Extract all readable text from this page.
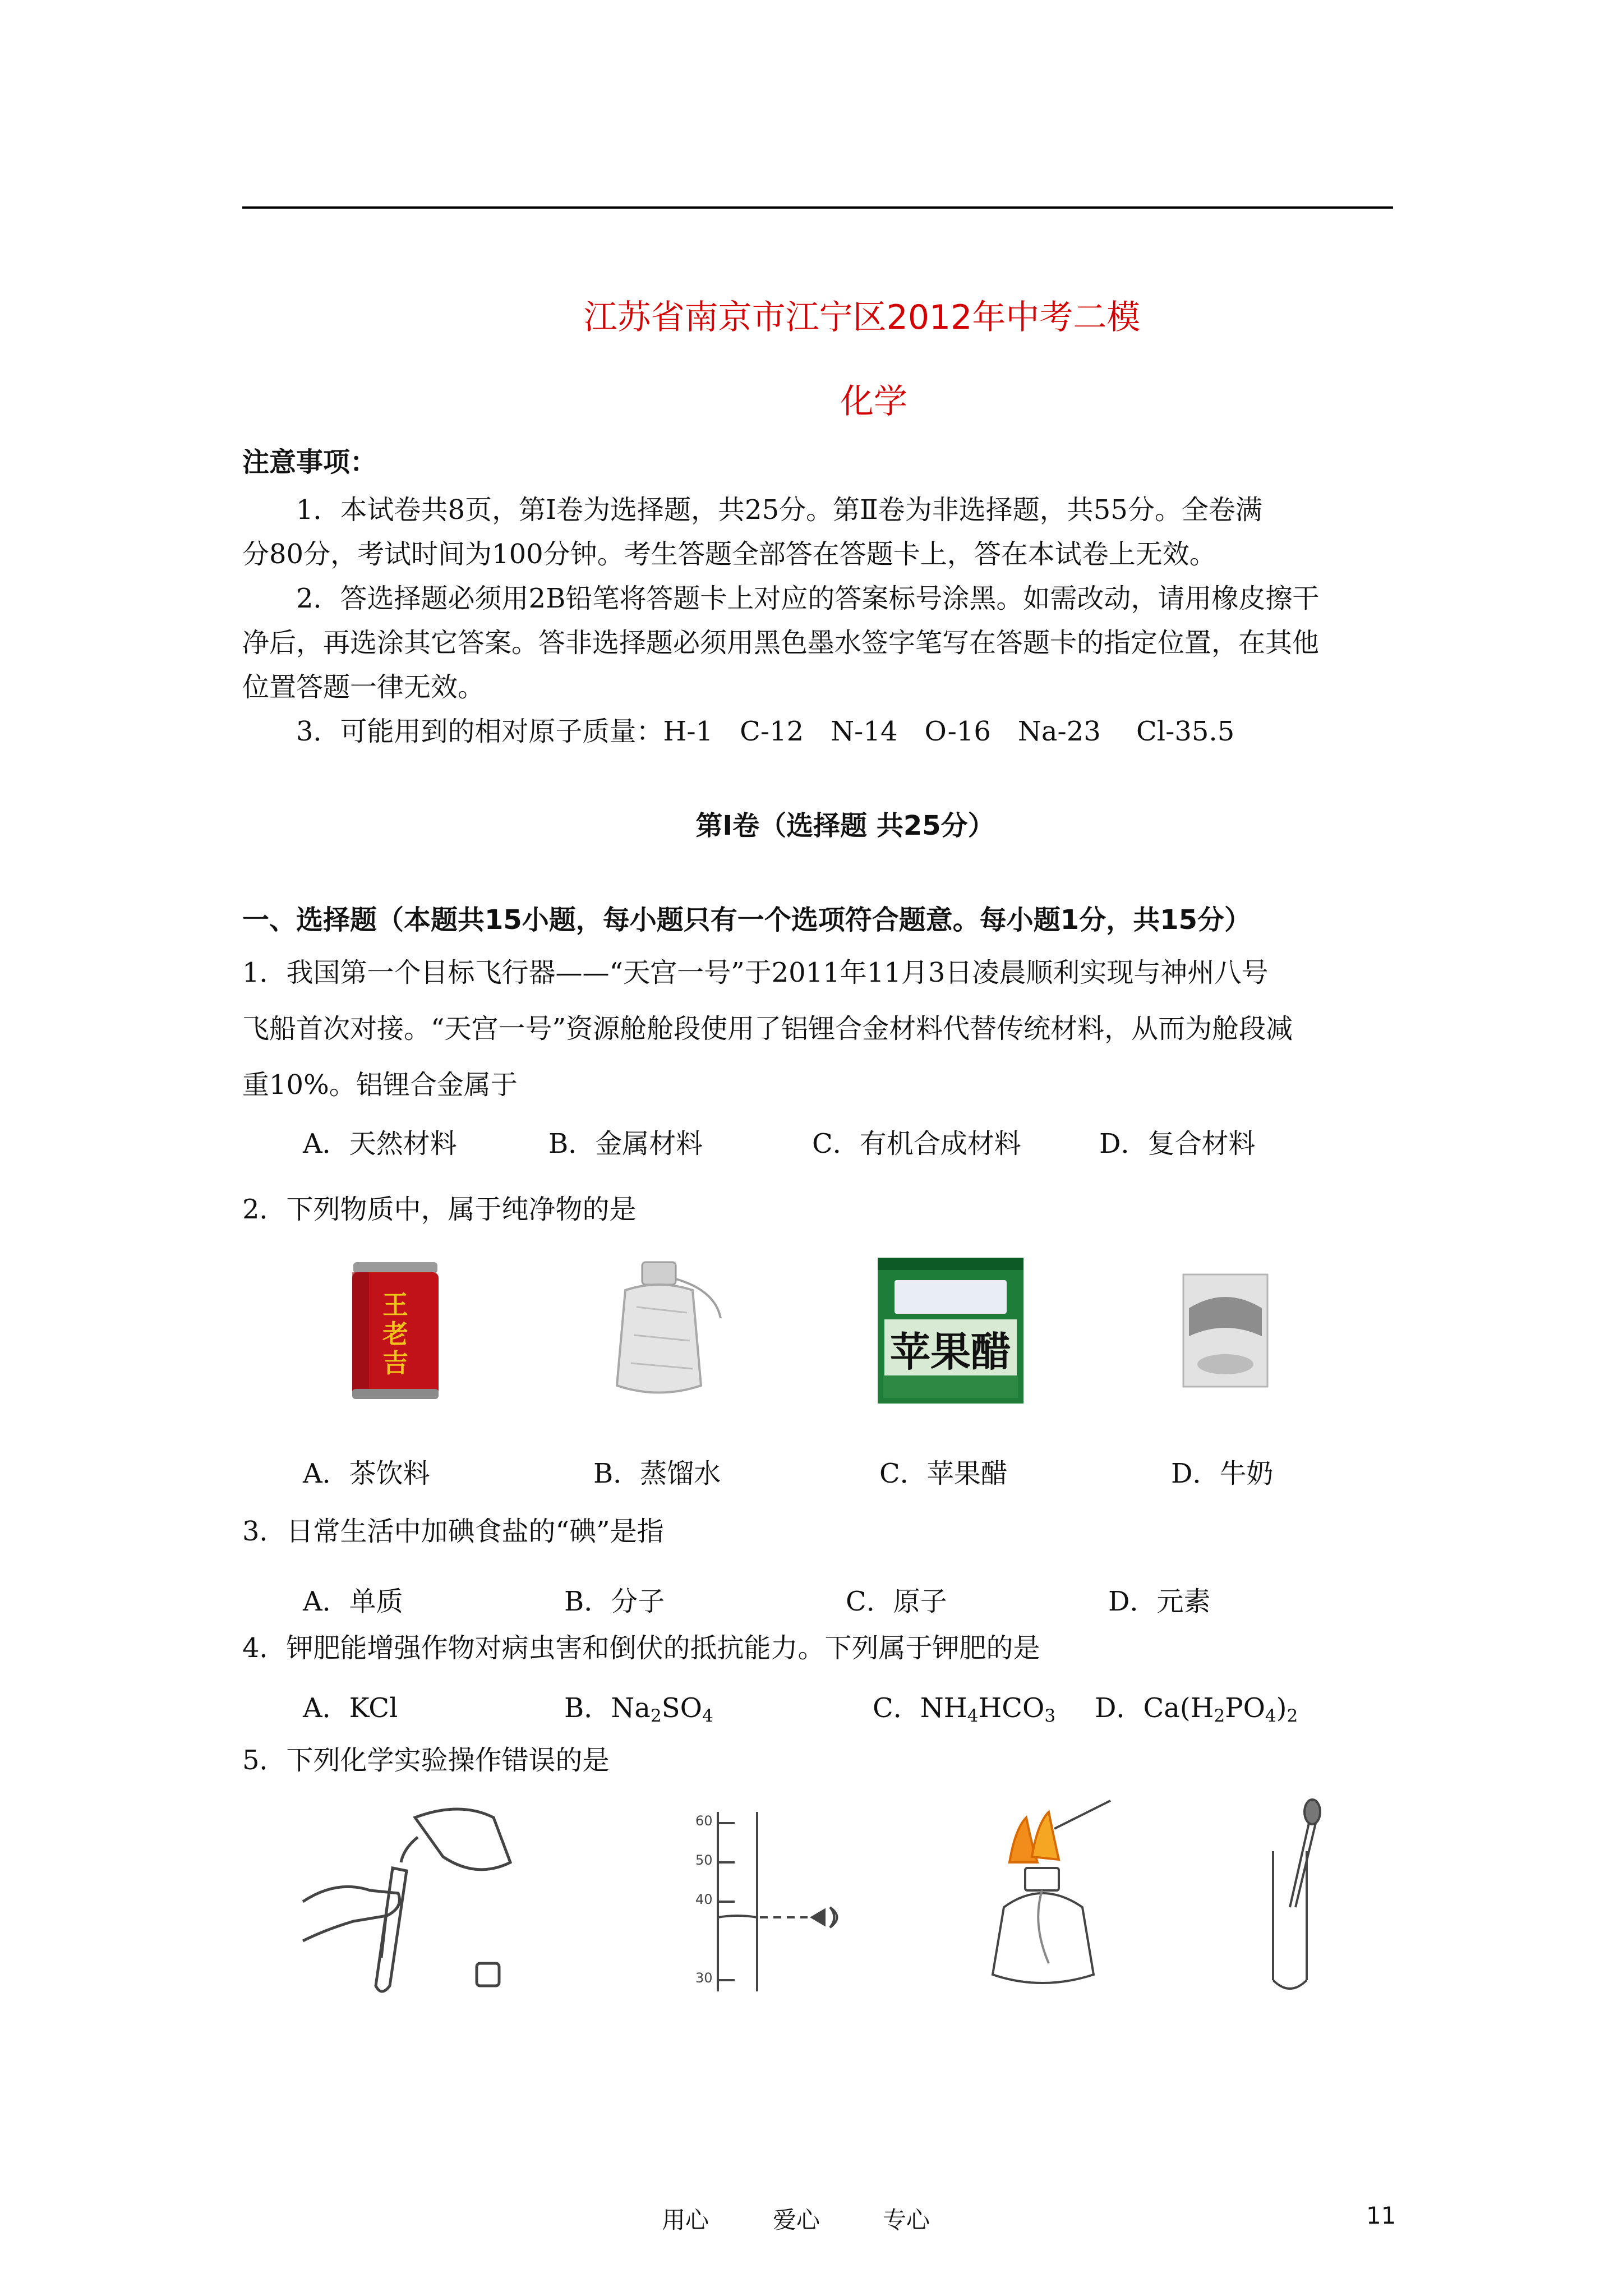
江苏省南京市江宁区2012年中考二模
化学
注意事项：
1．本试卷共8页，第Ⅰ卷为选择题，共25分。第Ⅱ卷为非选择题，共55分。全卷满
分80分，考试时间为100分钟。考生答题全部答在答题卡上，答在本试卷上无效。
2．答选择题必须用2B铅笔将答题卡上对应的答案标号涂黑。如需改动，请用橡皮擦干
净后，再选涂其它答案。答非选择题必须用黑色墨水签字笔写在答题卡的指定位置，在其他
位置答题一律无效。
3．可能用到的相对原子质量：H-1　C-12　N-14　O-16　Na-23　 Cl-35.5
第Ⅰ卷（选择题 共25分）
一、选择题（本题共15小题，每小题只有一个选项符合题意。每小题1分，共15分）
1．我国第一个目标飞行器——“天宫一号”于2011年11月3日凌晨顺利实现与神州八号
飞船首次对接。“天宫一号”资源舱舱段使用了铝锂合金材料代替传统材料，从而为舱段减
重10%。铝锂合金属于
A．天然材料	B．金属材料	C．有机合成材料	D．复合材料
2．下列物质中，属于纯净物的是
王老吉	苹果醋
A．茶饮料	B．蒸馏水	C．苹果醋	D．牛奶
3．日常生活中加碘食盐的“碘”是指
A．单质	B．分子	C．原子	D．元素
4．钾肥能增强作物对病虫害和倒伏的抵抗能力。下列属于钾肥的是
A．KCl	B．$Na_2SO_4$	C．$NH_4HCO_3$ D．$Ca(H_2PO_4)_2$
5．下列化学实验操作错误的是
60
50
40
30
用心	爱心	专心	11
